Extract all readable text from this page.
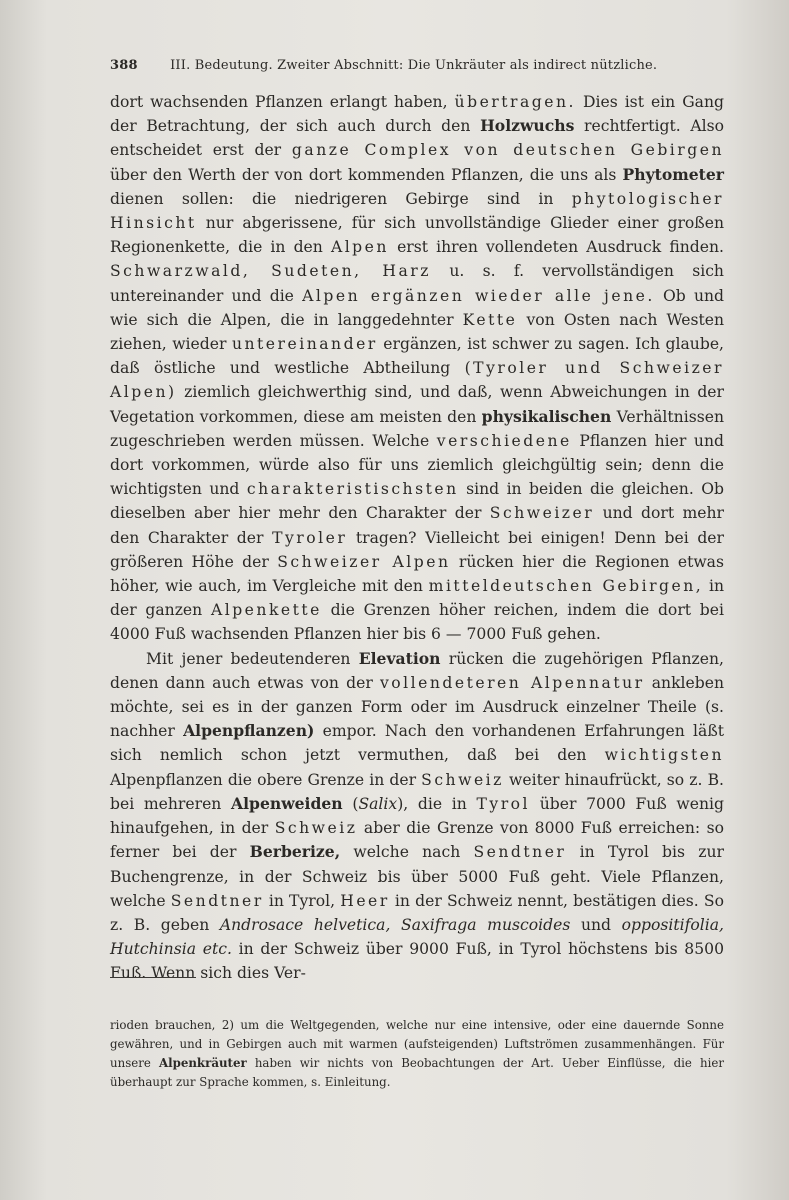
388 III. Bedeutung. Zweiter Abschnitt: Die Unkräuter als indirect nützliche.

dort wachsenden Pflanzen erlangt haben, übertragen. Dies ist ein Gang der Betrachtung, der sich auch durch den Holzwuchs rechtfertigt. Also entscheidet erst der ganze Complex von deutschen Gebirgen über den Werth der von dort kommenden Pflanzen, die uns als Phytometer dienen sollen: die niedrigeren Gebirge sind in phytologischer Hinsicht nur abgerissene, für sich unvollständige Glieder einer großen Regionenkette, die in den Alpen erst ihren vollendeten Ausdruck finden. Schwarzwald, Sudeten, Harz u. s. f. vervollständigen sich untereinander und die Alpen ergänzen wieder alle jene. Ob und wie sich die Alpen, die in langgedehnter Kette von Osten nach Westen ziehen, wieder untereinander ergänzen, ist schwer zu sagen. Ich glaube, daß östliche und westliche Abtheilung (Tyroler und Schweizer Alpen) ziemlich gleichwerthig sind, und daß, wenn Abweichungen in der Vegetation vorkommen, diese am meisten den physikalischen Verhältnissen zugeschrieben werden müssen. Welche verschiedene Pflanzen hier und dort vorkommen, würde also für uns ziemlich gleichgültig sein; denn die wichtigsten und charakteristischsten sind in beiden die gleichen. Ob dieselben aber hier mehr den Charakter der Schweizer und dort mehr den Charakter der Tyroler tragen? Vielleicht bei einigen! Denn bei der größeren Höhe der Schweizer Alpen rücken hier die Regionen etwas höher, wie auch, im Vergleiche mit den mitteldeutschen Gebirgen, in der ganzen Alpenkette die Grenzen höher reichen, indem die dort bei 4000 Fuß wachsenden Pflanzen hier bis 6 — 7000 Fuß gehen.

Mit jener bedeutenderen Elevation rücken die zugehörigen Pflanzen, denen dann auch etwas von der vollendeteren Alpennatur ankleben möchte, sei es in der ganzen Form oder im Ausdruck einzelner Theile (s. nachher Alpenpflanzen) empor. Nach den vorhandenen Erfahrungen läßt sich nemlich schon jetzt vermuthen, daß bei den wichtigsten Alpenpflanzen die obere Grenze in der Schweiz weiter hinaufrückt, so z. B. bei mehreren Alpenweiden (Salix), die in Tyrol über 7000 Fuß wenig hinaufgehen, in der Schweiz aber die Grenze von 8000 Fuß erreichen: so ferner bei der Berberize, welche nach Sendtner in Tyrol bis zur Buchengrenze, in der Schweiz bis über 5000 Fuß geht. Viele Pflanzen, welche Sendtner in Tyrol, Heer in der Schweiz nennt, bestätigen dies. So z. B. geben Androsace helvetica, Saxifraga muscoides und oppositifolia, Hutchinsia etc. in der Schweiz über 9000 Fuß, in Tyrol höchstens bis 8500 Fuß. Wenn sich dies Ver-

rioden brauchen, 2) um die Weltgegenden, welche nur eine intensive, oder eine dauernde Sonne gewähren, und in Gebirgen auch mit warmen (aufsteigenden) Luftströmen zusammenhängen. Für unsere Alpenkräuter haben wir nichts von Beobachtungen der Art. Ueber Einflüsse, die hier überhaupt zur Sprache kommen, s. Einleitung.
